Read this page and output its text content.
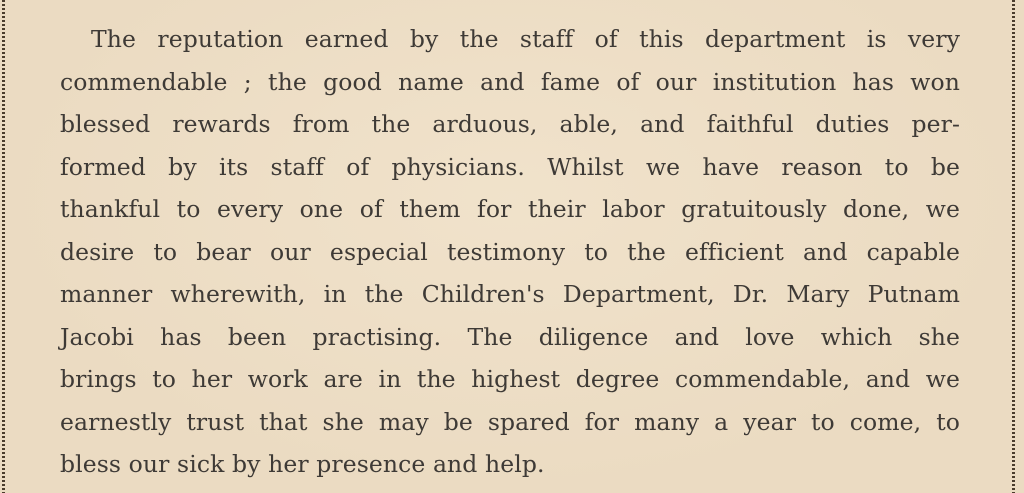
The reputation earned by the staff of this department is very
commendable ; the good name and fame of our institution has won
blessed rewards from the arduous, able, and faithful duties per-
formed by its staff of physicians. Whilst we have reason to be
thankful to every one of them for their labor gratuitously done, we
desire to bear our especial testimony to the efficient and capable
manner wherewith, in the Children's Department, Dr. Mary Putnam
Jacobi has been practising. The diligence and love which she
brings to her work are in the highest degree commendable, and we
earnestly trust that she may be spared for many a year to come, to
bless our sick by her presence and help.
